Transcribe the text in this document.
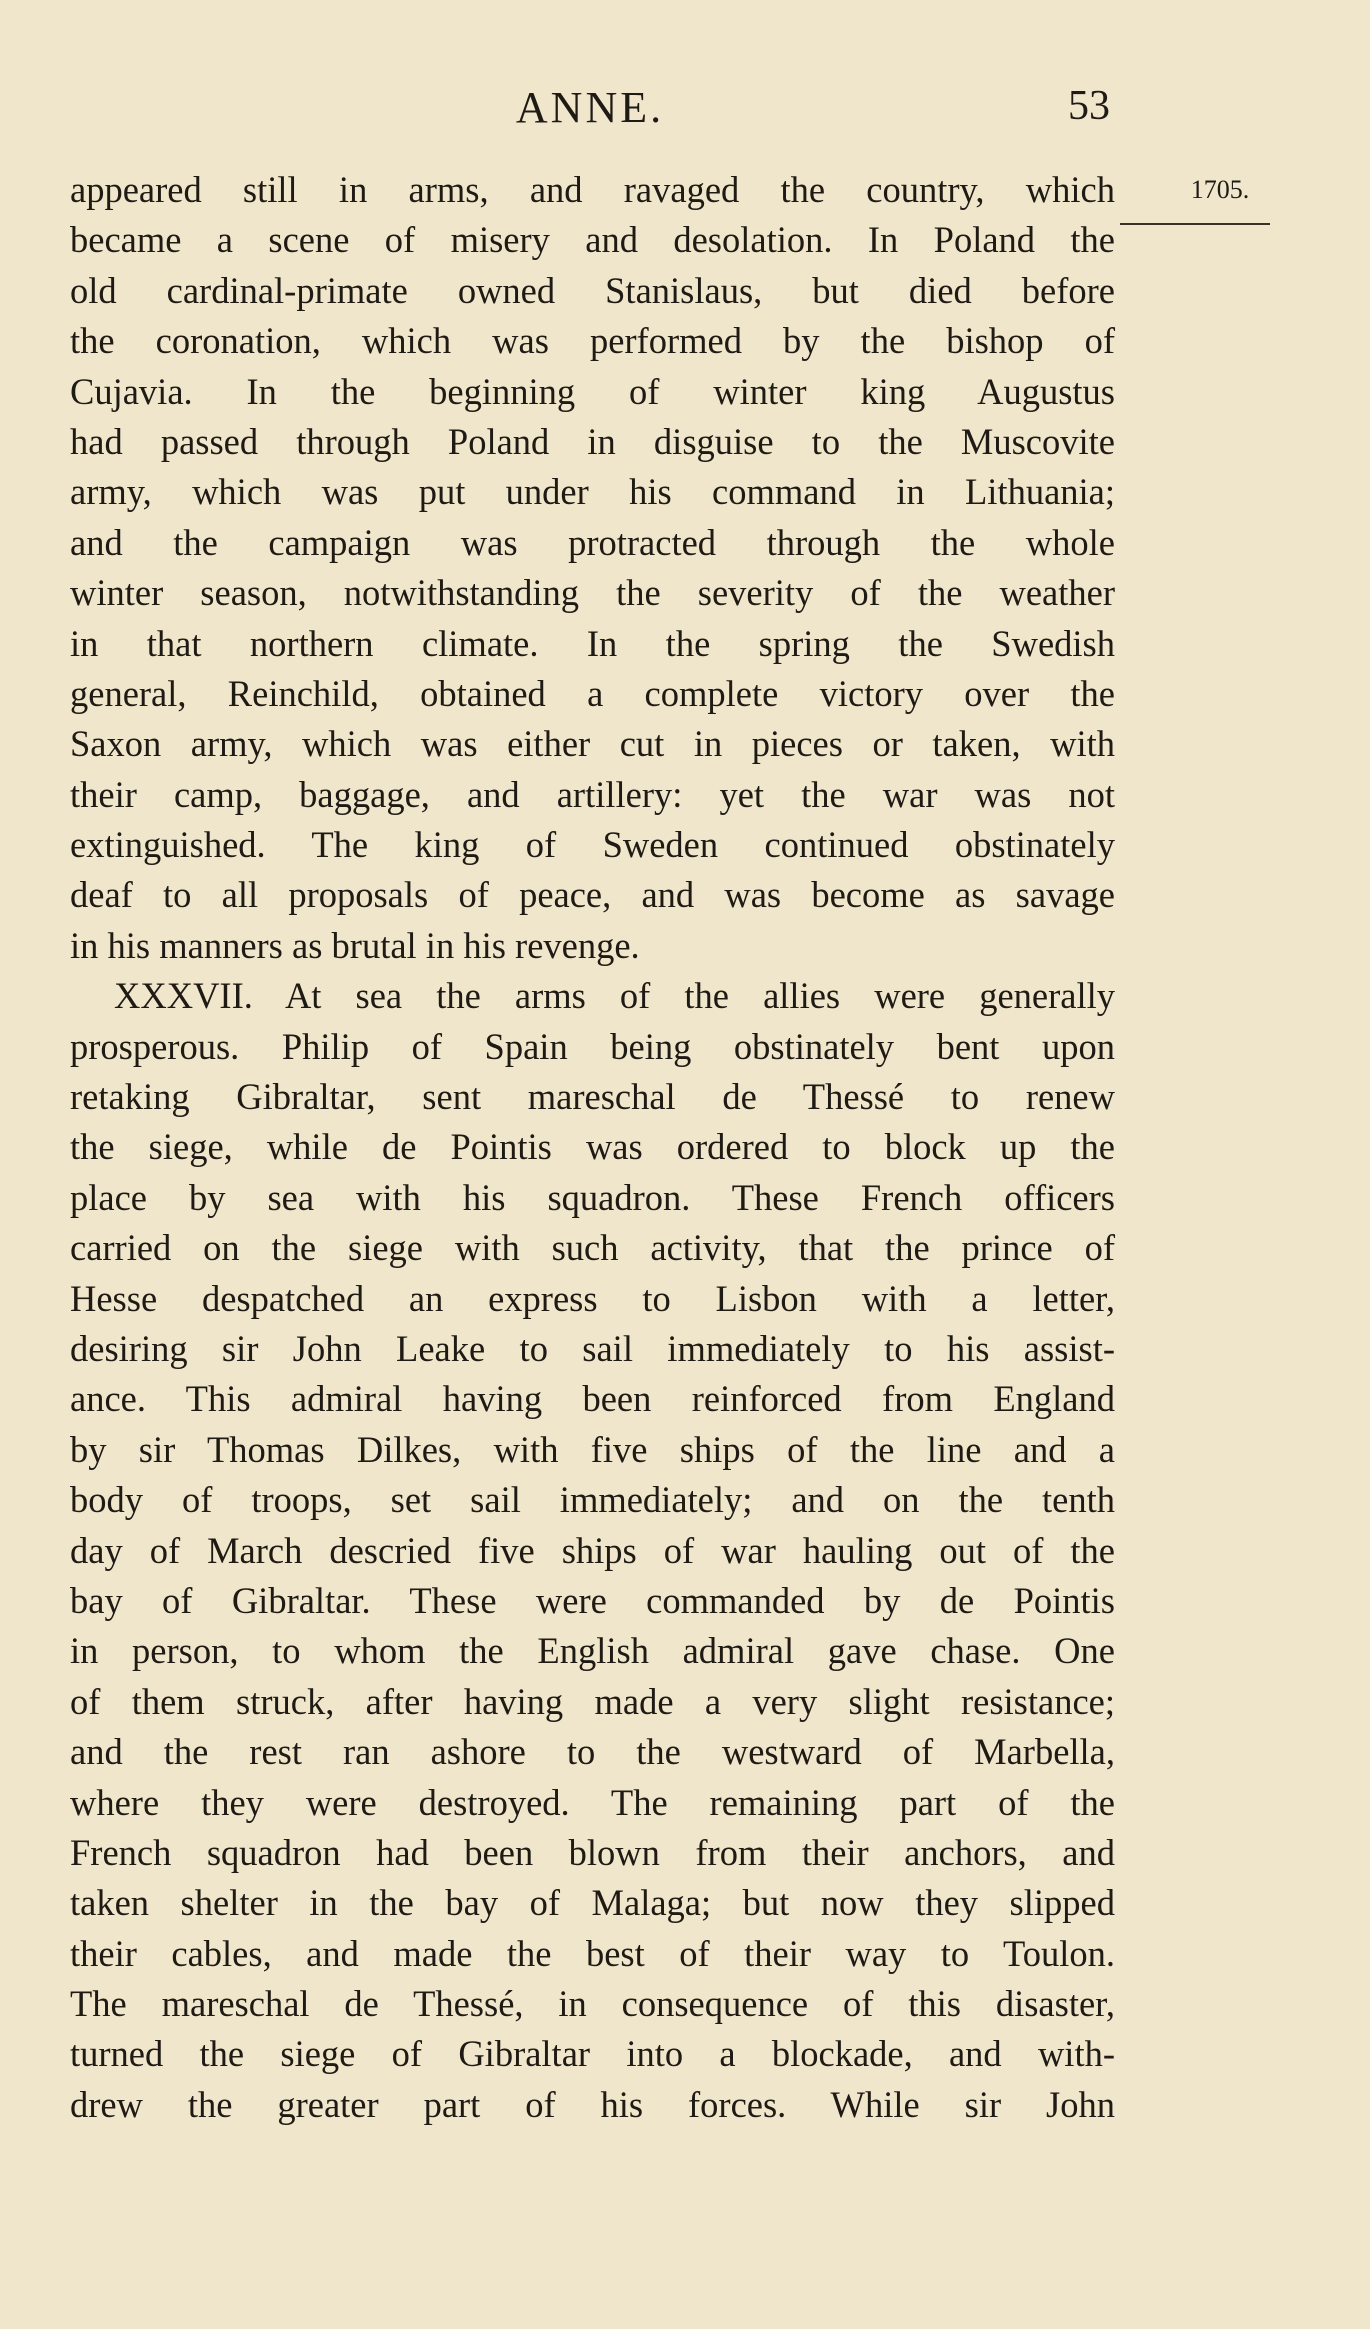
ANNE.	53
1705.
appeared still in arms, and ravaged the country, which
became a scene of misery and desolation. In Poland the
old cardinal-primate owned Stanislaus, but died before
the coronation, which was performed by the bishop of
Cujavia. In the beginning of winter king Augustus
had passed through Poland in disguise to the Muscovite
army, which was put under his command in Lithuania;
and the campaign was protracted through the whole
winter season, notwithstanding the severity of the weather
in that northern climate. In the spring the Swedish
general, Reinchild, obtained a complete victory over the
Saxon army, which was either cut in pieces or taken, with
their camp, baggage, and artillery: yet the war was not
extinguished. The king of Sweden continued obstinately
deaf to all proposals of peace, and was become as savage
in his manners as brutal in his revenge.
XXXVII. At sea the arms of the allies were generally
prosperous. Philip of Spain being obstinately bent upon
retaking Gibraltar, sent mareschal de Thessé to renew
the siege, while de Pointis was ordered to block up the
place by sea with his squadron. These French officers
carried on the siege with such activity, that the prince of
Hesse despatched an express to Lisbon with a letter,
desiring sir John Leake to sail immediately to his assist-
ance. This admiral having been reinforced from England
by sir Thomas Dilkes, with five ships of the line and a
body of troops, set sail immediately; and on the tenth
day of March descried five ships of war hauling out of the
bay of Gibraltar. These were commanded by de Pointis
in person, to whom the English admiral gave chase. One
of them struck, after having made a very slight resistance;
and the rest ran ashore to the westward of Marbella,
where they were destroyed. The remaining part of the
French squadron had been blown from their anchors, and
taken shelter in the bay of Malaga; but now they slipped
their cables, and made the best of their way to Toulon.
The mareschal de Thessé, in consequence of this disaster,
turned the siege of Gibraltar into a blockade, and with-
drew the greater part of his forces. While sir John
